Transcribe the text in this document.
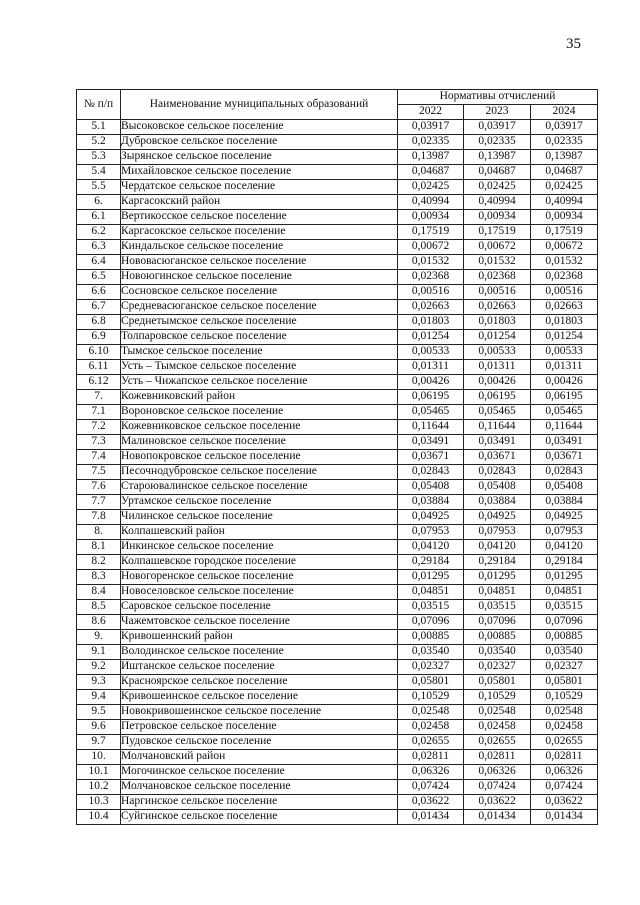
35
№ п/п	Наименование муниципальных образований	Нормативы отчислений		
		2022	2023	2024
5.1	Высоковское сельское поселение	0,03917	0,03917	0,03917
5.2	Дубровское сельское поселение	0,02335	0,02335	0,02335
5.3	Зырянское сельское поселение	0,13987	0,13987	0,13987
5.4	Михайловское сельское поселение	0,04687	0,04687	0,04687
5.5	Чердатское сельское поселение	0,02425	0,02425	0,02425
6.	Каргасокский район	0,40994	0,40994	0,40994
6.1	Вертикосское сельское поселение	0,00934	0,00934	0,00934
6.2	Каргасокское сельское поселение	0,17519	0,17519	0,17519
6.3	Киндальское сельское поселение	0,00672	0,00672	0,00672
6.4	Нововасюганское сельское поселение	0,01532	0,01532	0,01532
6.5	Новоюгинское сельское поселение	0,02368	0,02368	0,02368
6.6	Сосновское сельское поселение	0,00516	0,00516	0,00516
6.7	Средневасюганское сельское поселение	0,02663	0,02663	0,02663
6.8	Среднетымское сельское поселение	0,01803	0,01803	0,01803
6.9	Толпаровское сельское поселение	0,01254	0,01254	0,01254
6.10	Тымское сельское поселение	0,00533	0,00533	0,00533
6.11	Усть – Тымское сельское поселение	0,01311	0,01311	0,01311
6.12	Усть – Чижапское сельское поселение	0,00426	0,00426	0,00426
7.	Кожевниковский район	0,06195	0,06195	0,06195
7.1	Вороновское сельское поселение	0,05465	0,05465	0,05465
7.2	Кожевниковское сельское поселение	0,11644	0,11644	0,11644
7.3	Малиновское сельское поселение	0,03491	0,03491	0,03491
7.4	Новопокровское сельское поселение	0,03671	0,03671	0,03671
7.5	Песочнодубровское сельское поселение	0,02843	0,02843	0,02843
7.6	Староювалинское сельское поселение	0,05408	0,05408	0,05408
7.7	Уртамское сельское поселение	0,03884	0,03884	0,03884
7.8	Чилинское сельское поселение	0,04925	0,04925	0,04925
8.	Колпашевский район	0,07953	0,07953	0,07953
8.1	Инкинское сельское поселение	0,04120	0,04120	0,04120
8.2	Колпашевское городское поселение	0,29184	0,29184	0,29184
8.3	Новогоренское сельское поселение	0,01295	0,01295	0,01295
8.4	Новоселовское сельское поселение	0,04851	0,04851	0,04851
8.5	Саровское сельское поселение	0,03515	0,03515	0,03515
8.6	Чажемтовское сельское поселение	0,07096	0,07096	0,07096
9.	Кривошеинский район	0,00885	0,00885	0,00885
9.1	Володинское сельское поселение	0,03540	0,03540	0,03540
9.2	Иштанское сельское поселение	0,02327	0,02327	0,02327
9.3	Красноярское сельское поселение	0,05801	0,05801	0,05801
9.4	Кривошеинское сельское поселение	0,10529	0,10529	0,10529
9.5	Новокривошеинское сельское поселение	0,02548	0,02548	0,02548
9.6	Петровское сельское поселение	0,02458	0,02458	0,02458
9.7	Пудовское сельское поселение	0,02655	0,02655	0,02655
10.	Молчановский район	0,02811	0,02811	0,02811
10.1	Могочинское сельское поселение	0,06326	0,06326	0,06326
10.2	Молчановское сельское поселение	0,07424	0,07424	0,07424
10.3	Наргинское сельское поселение	0,03622	0,03622	0,03622
10.4	Суйгинское сельское поселение	0,01434	0,01434	0,01434
